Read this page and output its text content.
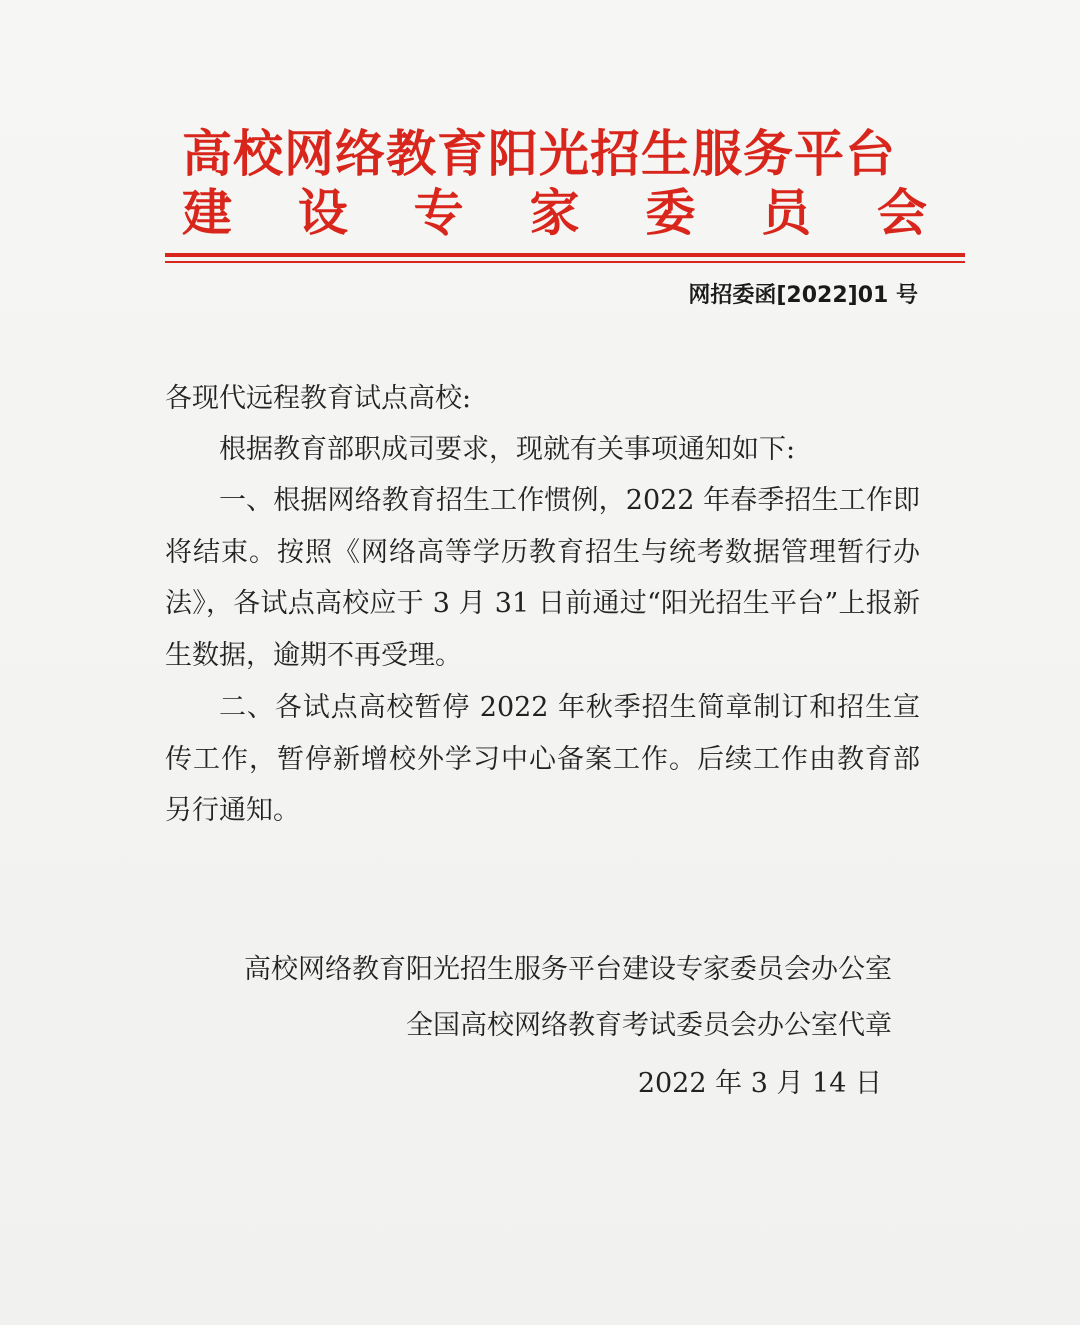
高校网络教育阳光招生服务平台
建 设 专 家 委 员 会
网招委函[2022]01 号
各现代远程教育试点高校:

根据教育部职成司要求，现就有关事项通知如下:

一、根据网络教育招生工作惯例，2022 年春季招生工作即将结束。按照《网络高等学历教育招生与统考数据管理暂行办法》，各试点高校应于 3 月 31 日前通过“阳光招生平台”上报新生数据，逾期不再受理。

二、各试点高校暂停 2022 年秋季招生简章制订和招生宣传工作，暂停新增校外学习中心备案工作。后续工作由教育部另行通知。

高校网络教育阳光招生服务平台建设专家委员会办公室
全国高校网络教育考试委员会办公室代章
2022 年 3 月 14 日
